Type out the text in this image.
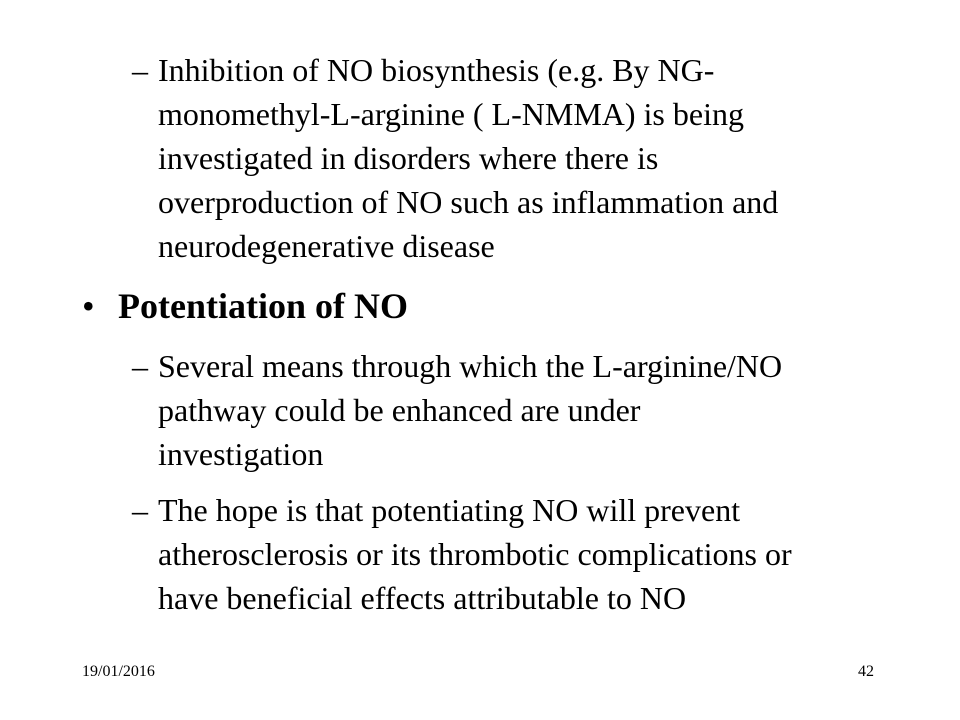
– Inhibition of NO biosynthesis (e.g. By NG-
monomethyl-L-arginine ( L-NMMA) is being
investigated in disorders where there is
overproduction of NO such as inflammation and
neurodegenerative disease
• Potentiation of NO
– Several means through which the L-arginine/NO
pathway could be enhanced are under
investigation
– The hope is that potentiating NO will prevent
atherosclerosis or its thrombotic complications or
have beneficial effects attributable to NO
19/01/2016	42
